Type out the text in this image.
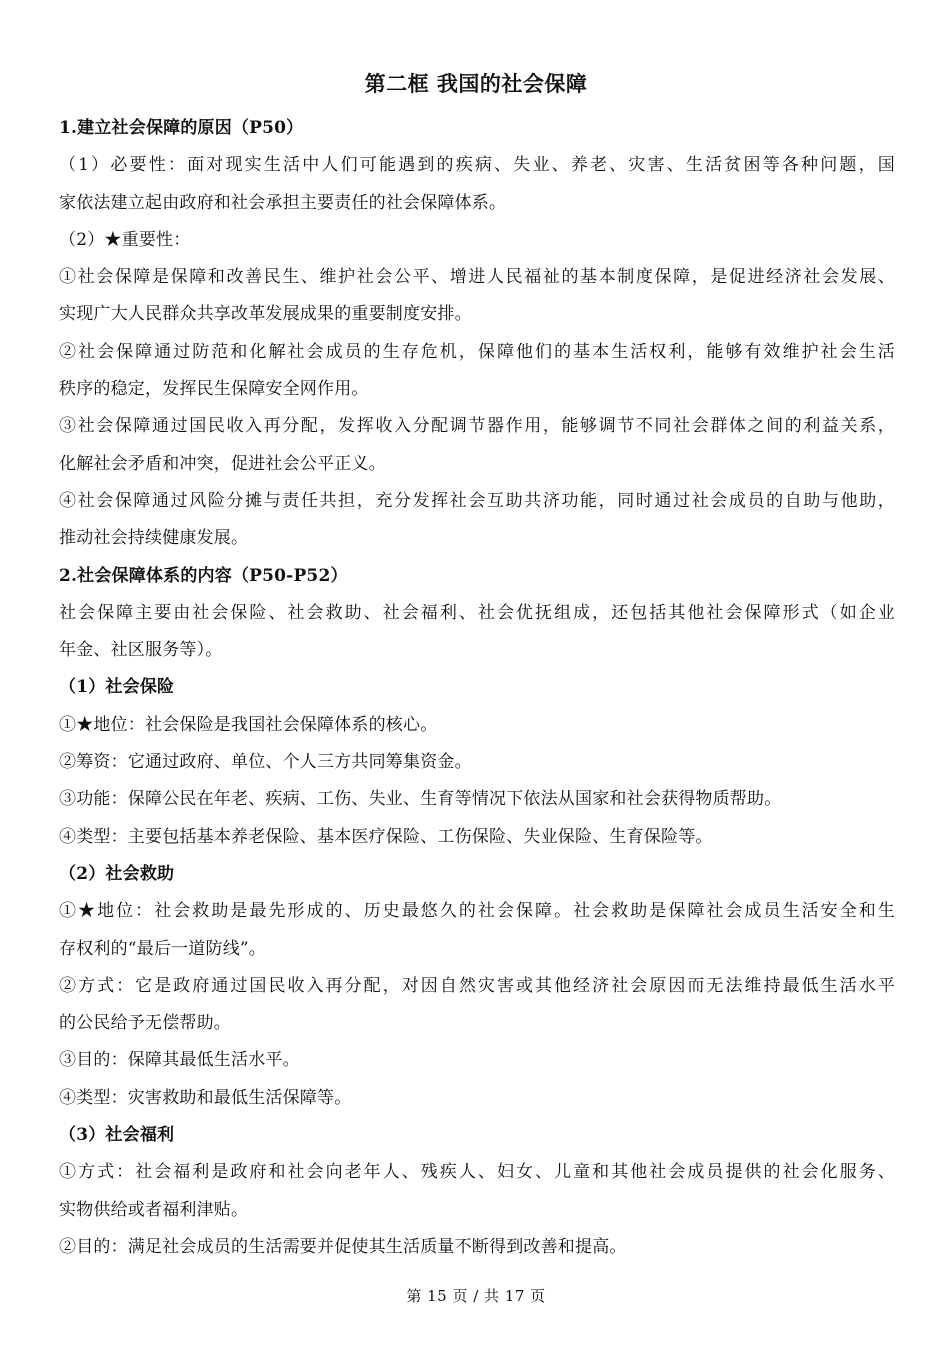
第二框 我国的社会保障
1.建立社会保障的原因（P50）
（1）必要性：面对现实生活中人们可能遇到的疾病、失业、养老、灾害、生活贫困等各种问题，国
家依法建立起由政府和社会承担主要责任的社会保障体系。
（2）★重要性：
①社会保障是保障和改善民生、维护社会公平、增进人民福祉的基本制度保障，是促进经济社会发展、
实现广大人民群众共享改革发展成果的重要制度安排。
②社会保障通过防范和化解社会成员的生存危机，保障他们的基本生活权利，能够有效维护社会生活
秩序的稳定，发挥民生保障安全网作用。
③社会保障通过国民收入再分配，发挥收入分配调节器作用，能够调节不同社会群体之间的利益关系，
化解社会矛盾和冲突，促进社会公平正义。
④社会保障通过风险分摊与责任共担，充分发挥社会互助共济功能，同时通过社会成员的自助与他助，
推动社会持续健康发展。
2.社会保障体系的内容（P50-P52）
社会保障主要由社会保险、社会救助、社会福利、社会优抚组成，还包括其他社会保障形式（如企业
年金、社区服务等）。
（1）社会保险
①★地位：社会保险是我国社会保障体系的核心。
②筹资：它通过政府、单位、个人三方共同筹集资金。
③功能：保障公民在年老、疾病、工伤、失业、生育等情况下依法从国家和社会获得物质帮助。
④类型：主要包括基本养老保险、基本医疗保险、工伤保险、失业保险、生育保险等。
（2）社会救助
①★地位：社会救助是最先形成的、历史最悠久的社会保障。社会救助是保障社会成员生活安全和生
存权利的“最后一道防线”。
②方式：它是政府通过国民收入再分配，对因自然灾害或其他经济社会原因而无法维持最低生活水平
的公民给予无偿帮助。
③目的：保障其最低生活水平。
④类型：灾害救助和最低生活保障等。
（3）社会福利
①方式：社会福利是政府和社会向老年人、残疾人、妇女、儿童和其他社会成员提供的社会化服务、
实物供给或者福利津贴。
②目的：满足社会成员的生活需要并促使其生活质量不断得到改善和提高。
第 15 页 / 共 17 页
